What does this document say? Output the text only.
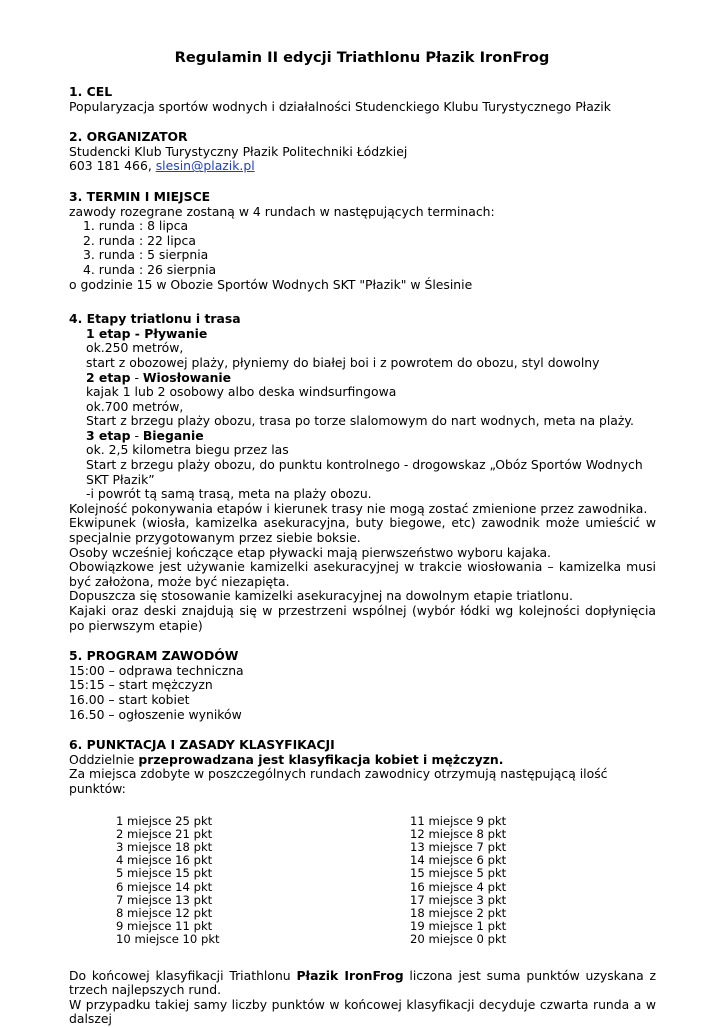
Regulamin II edycji Triathlonu Płazik IronFrog
1. CEL
Popularyzacja sportów wodnych i działalności Studenckiego Klubu Turystycznego Płazik
2. ORGANIZATOR
Studencki Klub Turystyczny Płazik Politechniki Łódzkiej
603 181 466, slesin@plazik.pl
3. TERMIN I MIEJSCE
zawody rozegrane zostaną w 4 rundach w następujących terminach:
1. runda : 8 lipca
2. runda : 22 lipca
3. runda : 5 sierpnia
4. runda : 26 sierpnia
o godzinie 15 w Obozie Sportów Wodnych SKT "Płazik" w Ślesinie
4. Etapy triatlonu i trasa
1 etap - Pływanie
ok.250 metrów,
start z obozowej plaży, płyniemy do białej boi i z powrotem do obozu, styl dowolny
2 etap - Wiosłowanie
kajak 1 lub 2 osobowy albo deska windsurfingowa
ok.700 metrów,
Start z brzegu plaży obozu, trasa po torze slalomowym do nart wodnych, meta na plaży.
3 etap - Bieganie
ok. 2,5 kilometra biegu przez las
Start z brzegu plaży obozu, do punktu kontrolnego - drogowskaz „Obóz Sportów Wodnych SKT Płazik”
-i powrót tą samą trasą, meta na plaży obozu.
Kolejność pokonywania etapów i kierunek trasy nie mogą zostać zmienione przez zawodnika.
Ekwipunek (wiosła, kamizelka asekuracyjna, buty biegowe, etc) zawodnik może umieścić w specjalnie przygotowanym przez siebie boksie.
Osoby wcześniej kończące etap pływacki mają pierwszeństwo wyboru kajaka.
Obowiązkowe jest używanie kamizelki asekuracyjnej w trakcie wiosłowania – kamizelka musi być założona, może być niezapięta.
Dopuszcza się stosowanie kamizelki asekuracyjnej na dowolnym etapie triatlonu.
Kajaki oraz deski znajdują się w przestrzeni wspólnej (wybór łódki wg kolejności dopłynięcia po pierwszym etapie)
5. PROGRAM ZAWODÓW
15:00 – odprawa techniczna
15:15 – start mężczyzn
16.00 – start kobiet
16.50 – ogłoszenie wyników
6. PUNKTACJA I ZASADY KLASYFIKACJI
Oddzielnie przeprowadzana jest klasyfikacja kobiet i mężczyzn.
Za miejsca zdobyte w poszczególnych rundach zawodnicy otrzymują następującą ilość punktów:
1 miejsce 25 pkt
2 miejsce 21 pkt
3 miejsce 18 pkt
4 miejsce 16 pkt
5 miejsce 15 pkt
6 miejsce 14 pkt
7 miejsce 13 pkt
8 miejsce 12 pkt
9 miejsce 11 pkt
10 miejsce 10 pkt
11 miejsce 9 pkt
12 miejsce 8 pkt
13 miejsce 7 pkt
14 miejsce 6 pkt
15 miejsce 5 pkt
16 miejsce 4 pkt
17 miejsce 3 pkt
18 miejsce 2 pkt
19 miejsce 1 pkt
20 miejsce 0 pkt
Do końcowej klasyfikacji Triathlonu Płazik IronFrog liczona jest suma punktów uzyskana z trzech najlepszych rund.
W przypadku takiej samy liczby punktów w końcowej klasyfikacji decyduje czwarta runda a w dalszej
